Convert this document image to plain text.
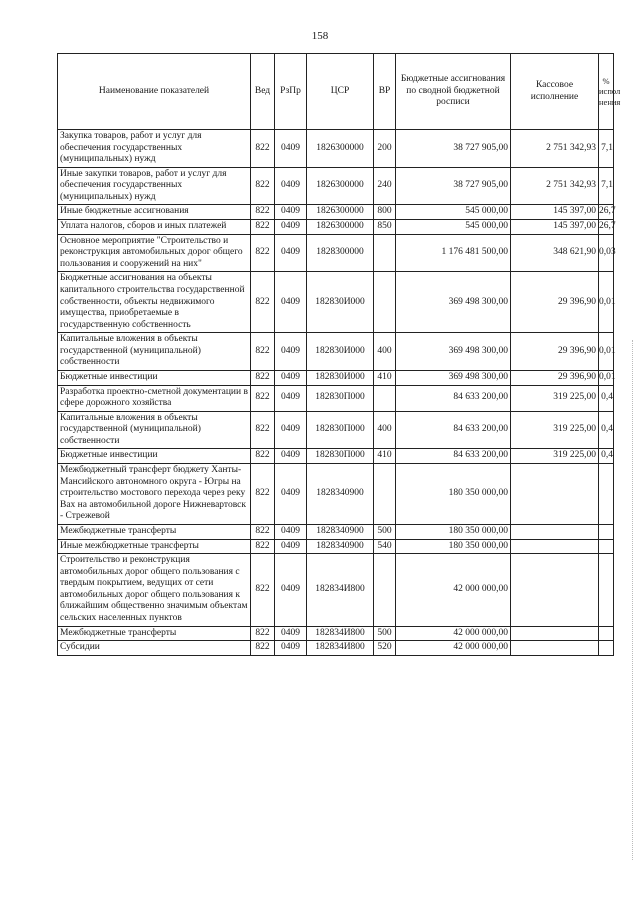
158
Наименование показателей	Вед	РзПр	ЦСР	ВР	Бюджетные ассигнования по сводной бюджетной росписи	Кассовое исполнение	% испол нения
Закупка товаров, работ и услуг для обеспечения государственных (муниципальных) нужд	822	0409	1826300000	200	38 727 905,00	2 751 342,93	7,1
Иные закупки товаров, работ и услуг для обеспечения государственных (муниципальных) нужд	822	0409	1826300000	240	38 727 905,00	2 751 342,93	7,1
Иные бюджетные ассигнования	822	0409	1826300000	800	545 000,00	145 397,00	26,7
Уплата налогов, сборов и иных платежей	822	0409	1826300000	850	545 000,00	145 397,00	26,7
Основное мероприятие "Строительство и реконструкция автомобильных дорог общего пользования и сооружений на них"	822	0409	1828300000		1 176 481 500,00	348 621,90	0,03
Бюджетные ассигнования на объекты капитального строительства государственной собственности, объекты недвижимого имущества, приобретаемые в государственную собственность	822	0409	182830И000		369 498 300,00	29 396,90	0,01
Капитальные вложения в объекты государственной (муниципальной) собственности	822	0409	182830И000	400	369 498 300,00	29 396,90	0,01
Бюджетные инвестиции	822	0409	182830И000	410	369 498 300,00	29 396,90	0,01
Разработка проектно-сметной документации в сфере дорожного хозяйства	822	0409	182830П000		84 633 200,00	319 225,00	0,4
Капитальные вложения в объекты государственной (муниципальной) собственности	822	0409	182830П000	400	84 633 200,00	319 225,00	0,4
Бюджетные инвестиции	822	0409	182830П000	410	84 633 200,00	319 225,00	0,4
Межбюджетный трансферт бюджету Ханты-Мансийского автономного округа - Югры на строительство мостового перехода через реку Вах на автомобильной дороге Нижневартовск - Стрежевой	822	0409	1828340900		180 350 000,00		
Межбюджетные трансферты	822	0409	1828340900	500	180 350 000,00		
Иные межбюджетные трансферты	822	0409	1828340900	540	180 350 000,00		
Строительство и реконструкция автомобильных дорог общего пользования с твердым покрытием, ведущих от сети автомобильных дорог общего пользования к ближайшим общественно значимым объектам сельских населенных пунктов	822	0409	182834И800		42 000 000,00		
Межбюджетные трансферты	822	0409	182834И800	500	42 000 000,00		
Субсидии	822	0409	182834И800	520	42 000 000,00		
